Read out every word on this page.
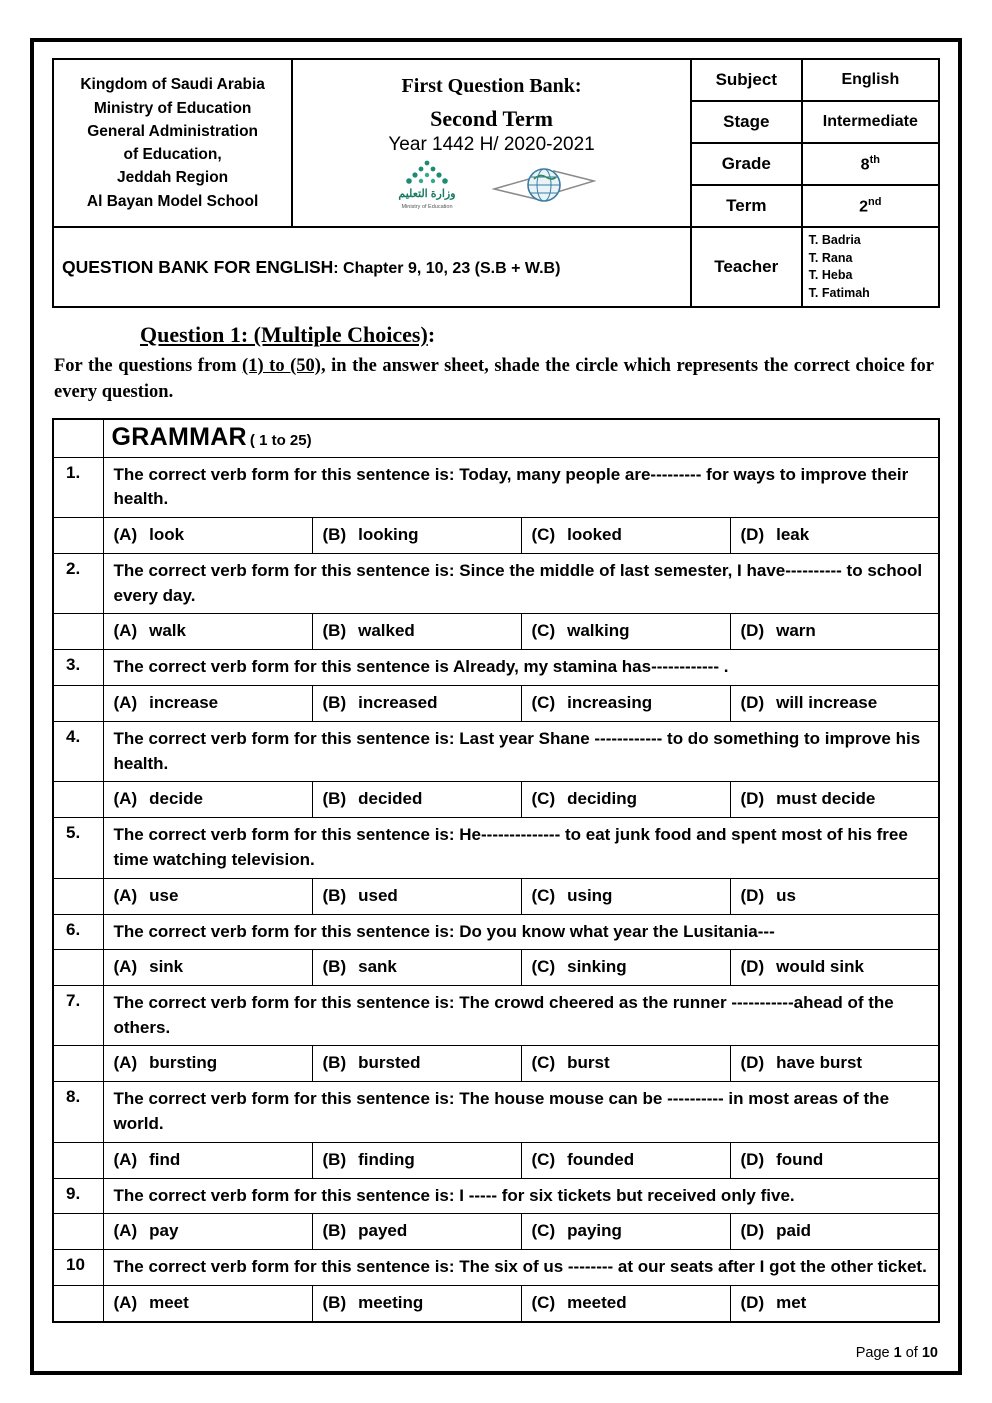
Kingdom of Saudi Arabia
Ministry of Education
General Administration
of Education,
Jeddah Region
Al Bayan Model School

First Question Bank:
Second Term
Year 1442 H/ 2020-2021
وزارة التعليم
Ministry of Education
	Subject	English
		Stage	Intermediate
		Grade	8th
		Term	2nd
QUESTION BANK FOR ENGLISH: Chapter 9, 10, 23 (S.B + W.B)		Teacher	T. Badria
T. Rana
T. Heba
T. Fatimah
Question 1: (Multiple Choices):
For the questions from (1) to (50), in the answer sheet, shade the circle which represents the correct choice for every question.
	GRAMMAR ( 1 to 25)			
1.	The correct verb form for this sentence is: Today, many people are--------- for ways to improve their health.			
	(A) look	(B) looking	(C) looked	(D) leak
2.	The correct verb form for this sentence is: Since the middle of last semester, I have---------- to school every day.			
	(A) walk	(B) walked	(C) walking	(D) warn
3.	The correct verb form for this sentence is Already, my stamina has------------ .			
	(A) increase	(B) increased	(C) increasing	(D) will increase
4.	The correct verb form for this sentence is: Last year Shane ------------ to do something to improve his health.			
	(A) decide	(B) decided	(C) deciding	(D) must decide
5.	The correct verb form for this sentence is: He-------------- to eat junk food and spent most of his free time watching television.			
	(A) use	(B) used	(C) using	(D) us
6.	The correct verb form for this sentence is: Do you know what year the Lusitania---			
	(A) sink	(B) sank	(C) sinking	(D) would sink
7.	The correct verb form for this sentence is: The crowd cheered as the runner -----------ahead of the others.			
	(A) bursting	(B) bursted	(C) burst	(D) have burst
8.	The correct verb form for this sentence is: The house mouse can be ---------- in most areas of the world.			
	(A) find	(B) finding	(C) founded	(D) found
9.	The correct verb form for this sentence is: I ----- for six tickets but received only five.			
	(A) pay	(B) payed	(C) paying	(D) paid
10	The correct verb form for this sentence is: The six of us -------- at our seats after I got the other ticket.			
	(A) meet	(B) meeting	(C) meeted	(D) met
Page 1 of 10
